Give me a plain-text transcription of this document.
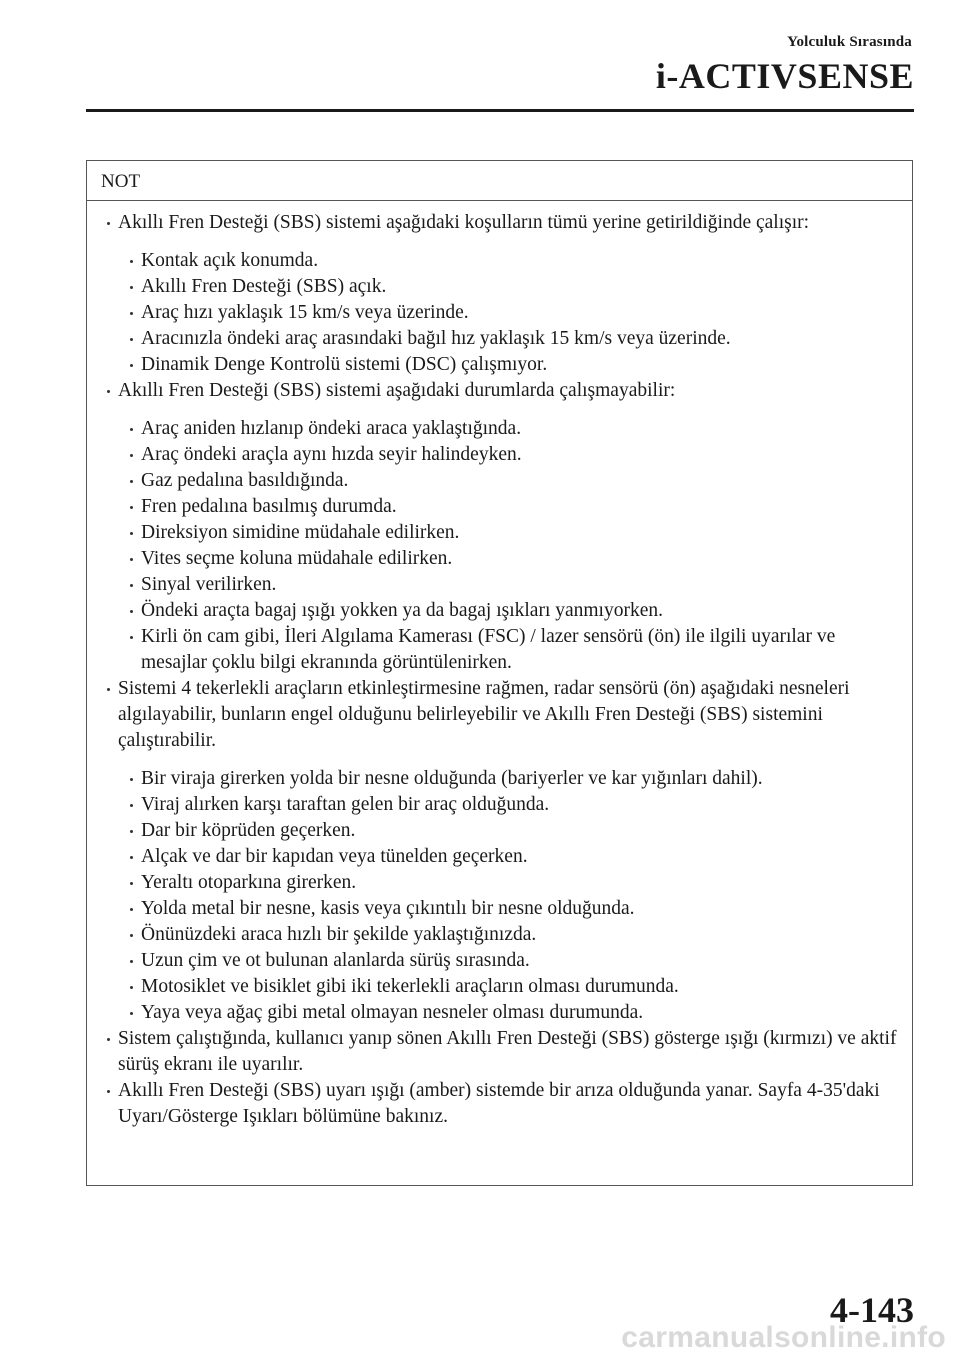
Yolculuk Sırasında
i-ACTIVSENSE
NOT
Akıllı Fren Desteği (SBS) sistemi aşağıdaki koşulların tümü yerine getirildiğinde çalışır:
Kontak açık konumda.
Akıllı Fren Desteği (SBS) açık.
Araç hızı yaklaşık 15 km/s veya üzerinde.
Aracınızla öndeki araç arasındaki bağıl hız yaklaşık 15 km/s veya üzerinde.
Dinamik Denge Kontrolü sistemi (DSC) çalışmıyor.
Akıllı Fren Desteği (SBS) sistemi aşağıdaki durumlarda çalışmayabilir:
Araç aniden hızlanıp öndeki araca yaklaştığında.
Araç öndeki araçla aynı hızda seyir halindeyken.
Gaz pedalına basıldığında.
Fren pedalına basılmış durumda.
Direksiyon simidine müdahale edilirken.
Vites seçme koluna müdahale edilirken.
Sinyal verilirken.
Öndeki araçta bagaj ışığı yokken ya da bagaj ışıkları yanmıyorken.
Kirli ön cam gibi, İleri Algılama Kamerası (FSC) / lazer sensörü (ön) ile ilgili uyarılar ve mesajlar çoklu bilgi ekranında görüntülenirken.
Sistemi 4 tekerlekli araçların etkinleştirmesine rağmen, radar sensörü (ön) aşağıdaki nesneleri algılayabilir, bunların engel olduğunu belirleyebilir ve Akıllı Fren Desteği (SBS) sistemini çalıştırabilir.
Bir viraja girerken yolda bir nesne olduğunda (bariyerler ve kar yığınları dahil).
Viraj alırken karşı taraftan gelen bir araç olduğunda.
Dar bir köprüden geçerken.
Alçak ve dar bir kapıdan veya tünelden geçerken.
Yeraltı otoparkına girerken.
Yolda metal bir nesne, kasis veya çıkıntılı bir nesne olduğunda.
Önünüzdeki araca hızlı bir şekilde yaklaştığınızda.
Uzun çim ve ot bulunan alanlarda sürüş sırasında.
Motosiklet ve bisiklet gibi iki tekerlekli araçların olması durumunda.
Yaya veya ağaç gibi metal olmayan nesneler olması durumunda.
Sistem çalıştığında, kullanıcı yanıp sönen Akıllı Fren Desteği (SBS) gösterge ışığı (kırmızı) ve aktif sürüş ekranı ile uyarılır.
Akıllı Fren Desteği (SBS) uyarı ışığı (amber) sistemde bir arıza olduğunda yanar. Sayfa 4-35'daki Uyarı/Gösterge Işıkları bölümüne bakınız.
4-143
carmanualsonline.info
